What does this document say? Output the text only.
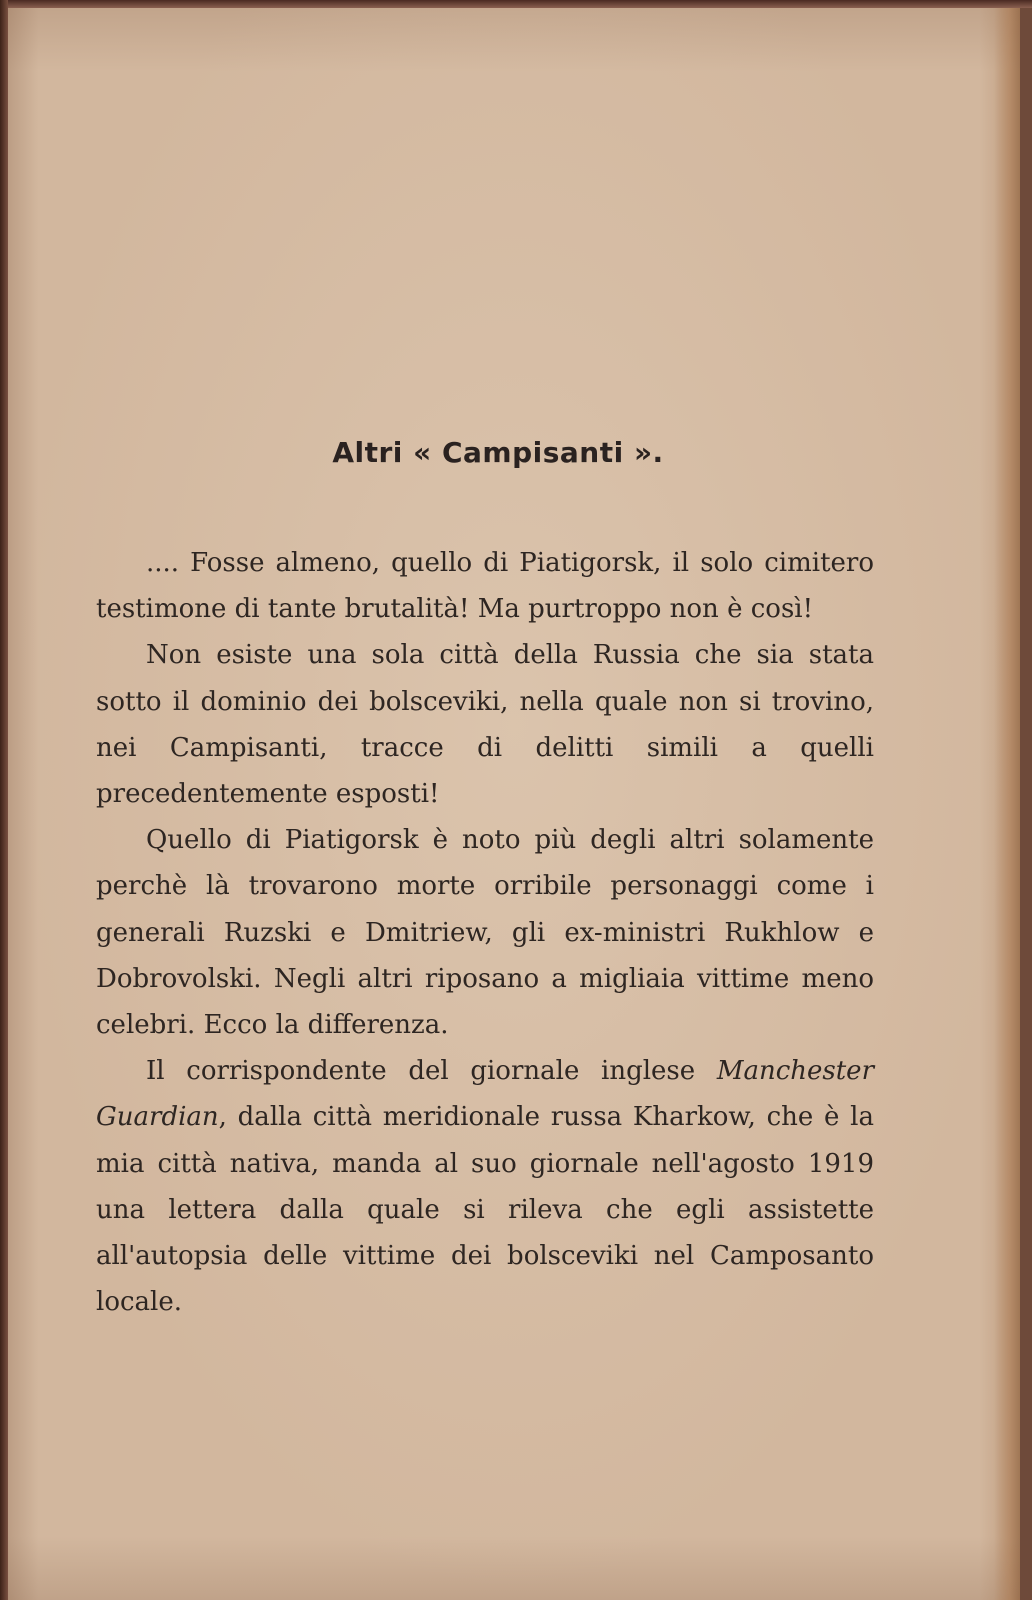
Altri « Campisanti ».

.... Fosse almeno, quello di Piatigorsk, il solo cimitero testimone di tante brutalità! Ma purtroppo non è così!

Non esiste una sola città della Russia che sia stata sotto il dominio dei bolsceviki, nella quale non si trovino, nei Campisanti, tracce di delitti simili a quelli precedentemente esposti!

Quello di Piatigorsk è noto più degli altri solamente perchè là trovarono morte orribile personaggi come i generali Ruzski e Dmitriew, gli ex-ministri Rukhlow e Dobrovolski. Negli altri riposano a migliaia vittime meno celebri. Ecco la differenza.

Il corrispondente del giornale inglese Manchester Guardian, dalla città meridionale russa Kharkow, che è la mia città nativa, manda al suo giornale nell'agosto 1919 una lettera dalla quale si rileva che egli assistette all'autopsia delle vittime dei bolsceviki nel Camposanto locale.
